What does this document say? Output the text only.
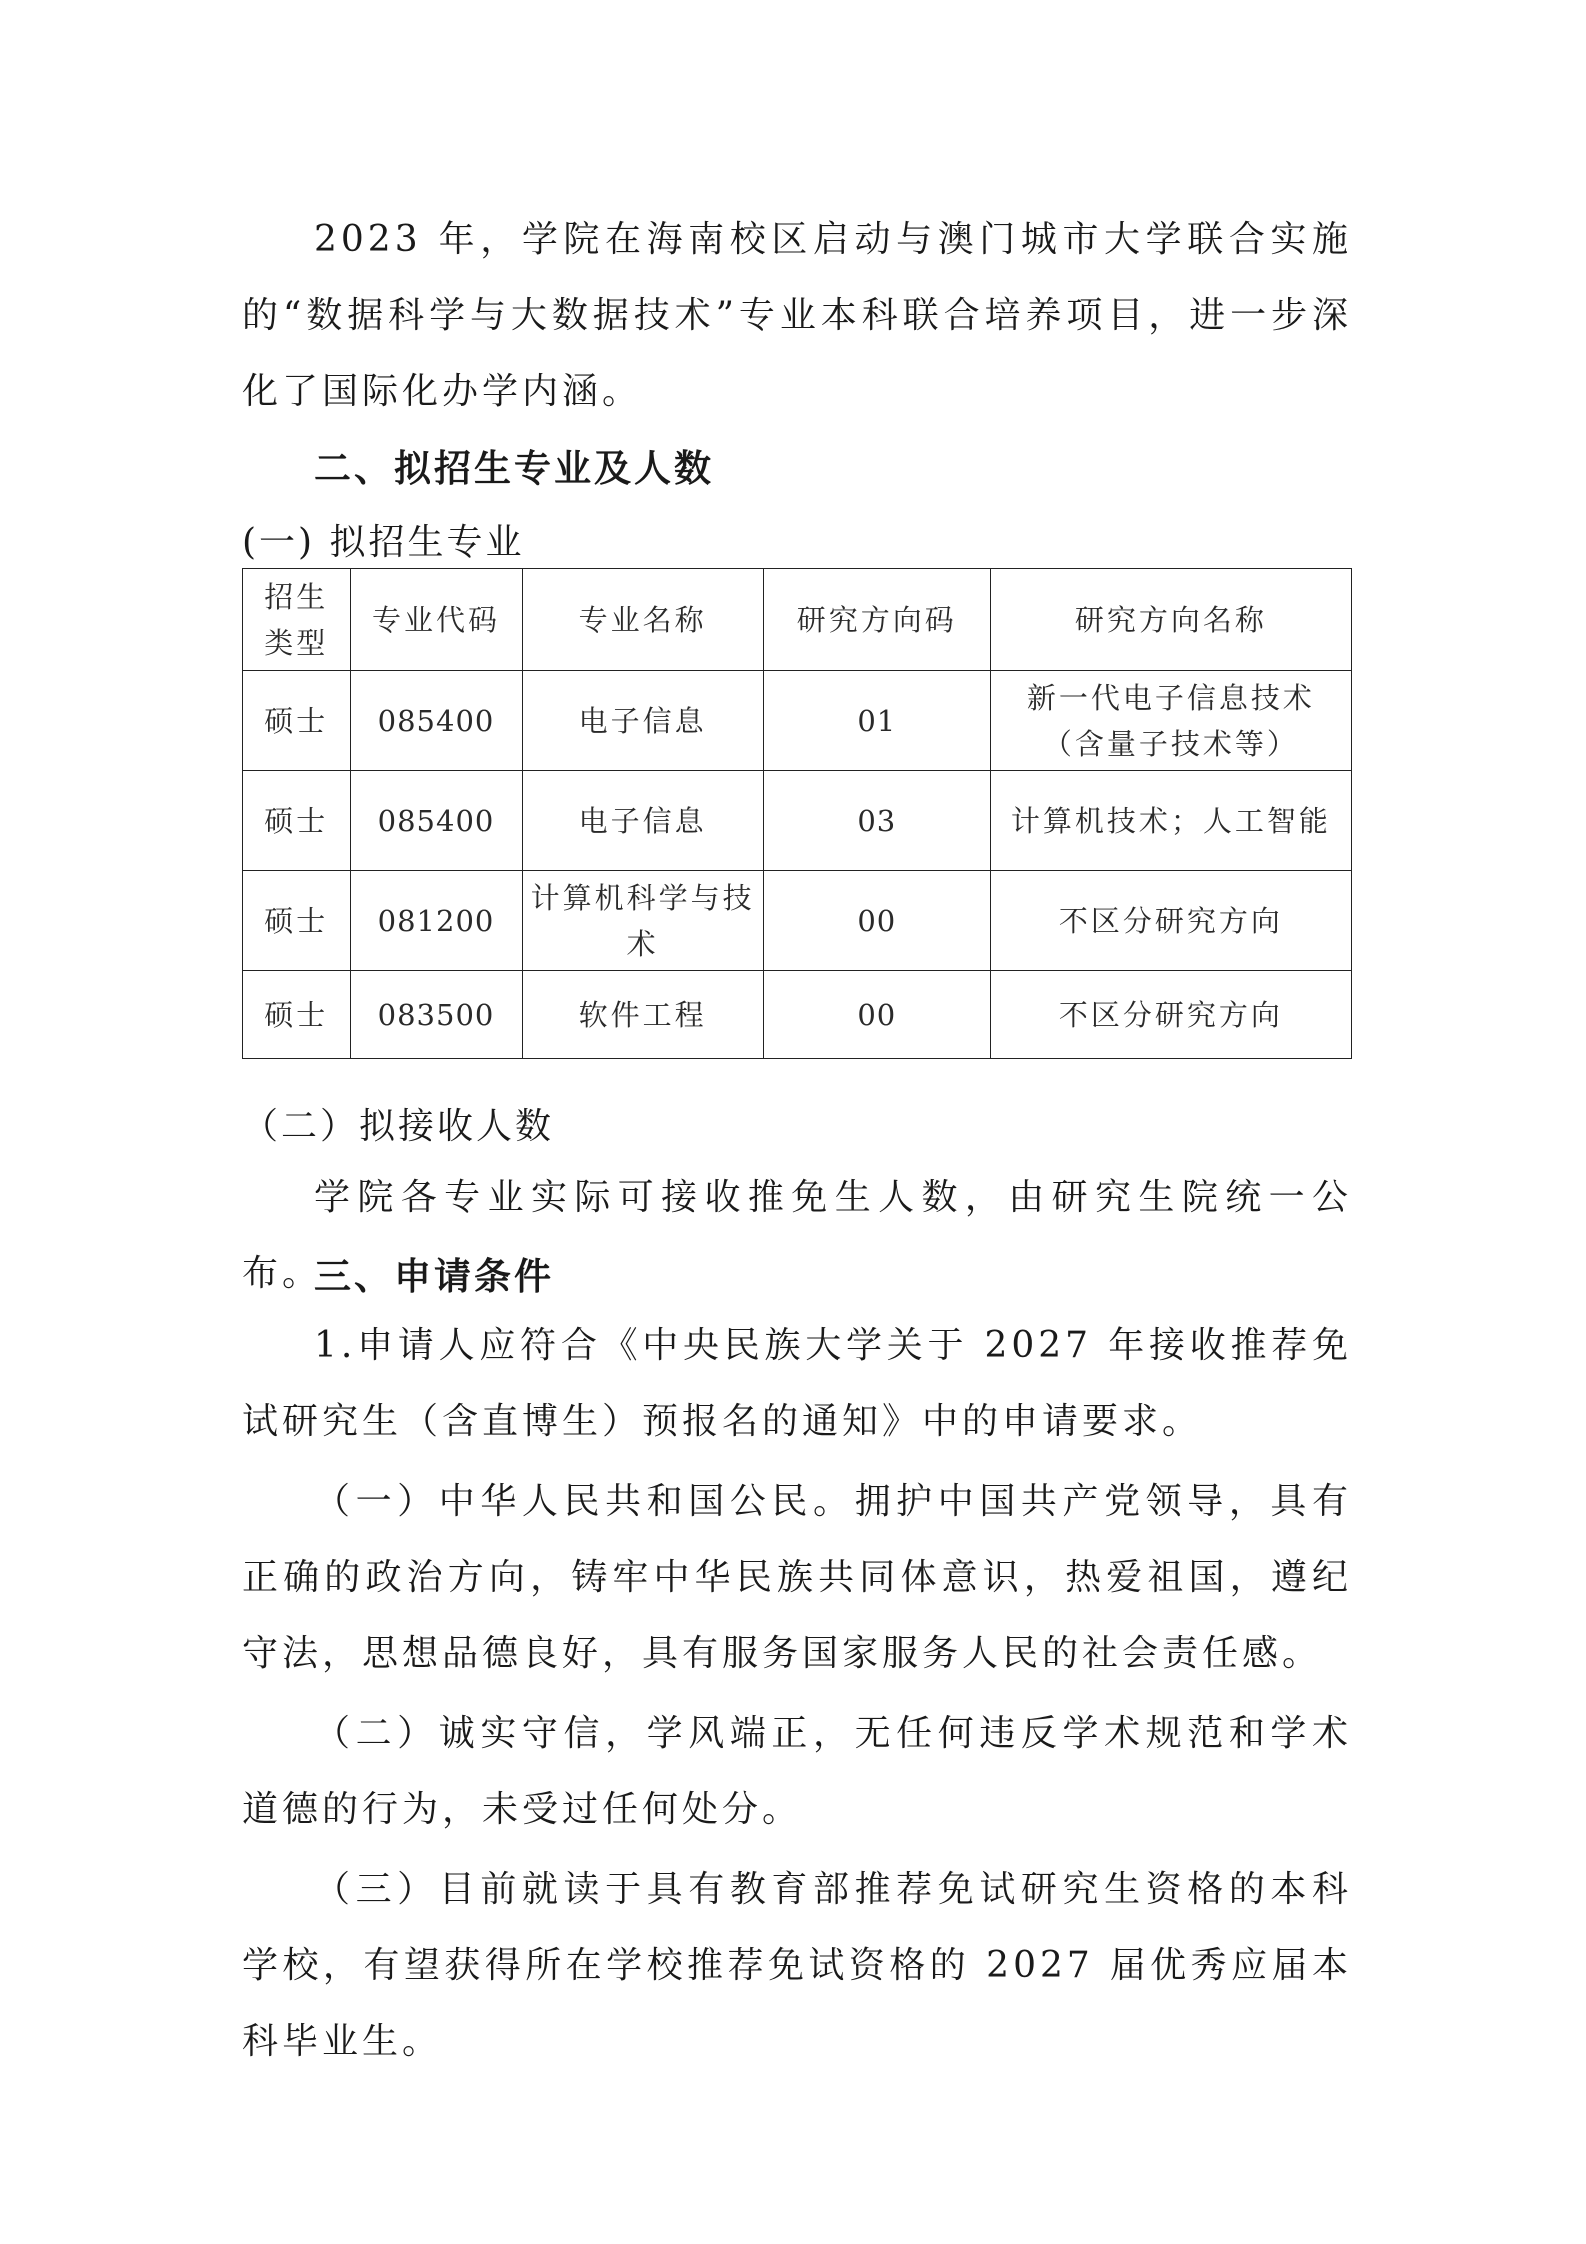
2023 年，学院在海南校区启动与澳门城市大学联合实施的“数据科学与大数据技术”专业本科联合培养项目，进一步深化了国际化办学内涵。

二、拟招生专业及人数

(一) 拟招生专业

招生类型	专业代码	专业名称	研究方向码	研究方向名称
硕士	085400	电子信息	01	新一代电子信息技术（含量子技术等）
硕士	085400	电子信息	03	计算机技术；人工智能
硕士	081200	计算机科学与技术	00	不区分研究方向
硕士	083500	软件工程	00	不区分研究方向

（二）拟接收人数

学院各专业实际可接收推免生人数，由研究生院统一公布。

三、申请条件

1.申请人应符合《中央民族大学关于 2027 年接收推荐免试研究生（含直博生）预报名的通知》中的申请要求。

（一）中华人民共和国公民。拥护中国共产党领导，具有正确的政治方向，铸牢中华民族共同体意识，热爱祖国，遵纪守法，思想品德良好，具有服务国家服务人民的社会责任感。

（二）诚实守信，学风端正，无任何违反学术规范和学术道德的行为，未受过任何处分。

（三）目前就读于具有教育部推荐免试研究生资格的本科学校，有望获得所在学校推荐免试资格的 2027 届优秀应届本科毕业生。
